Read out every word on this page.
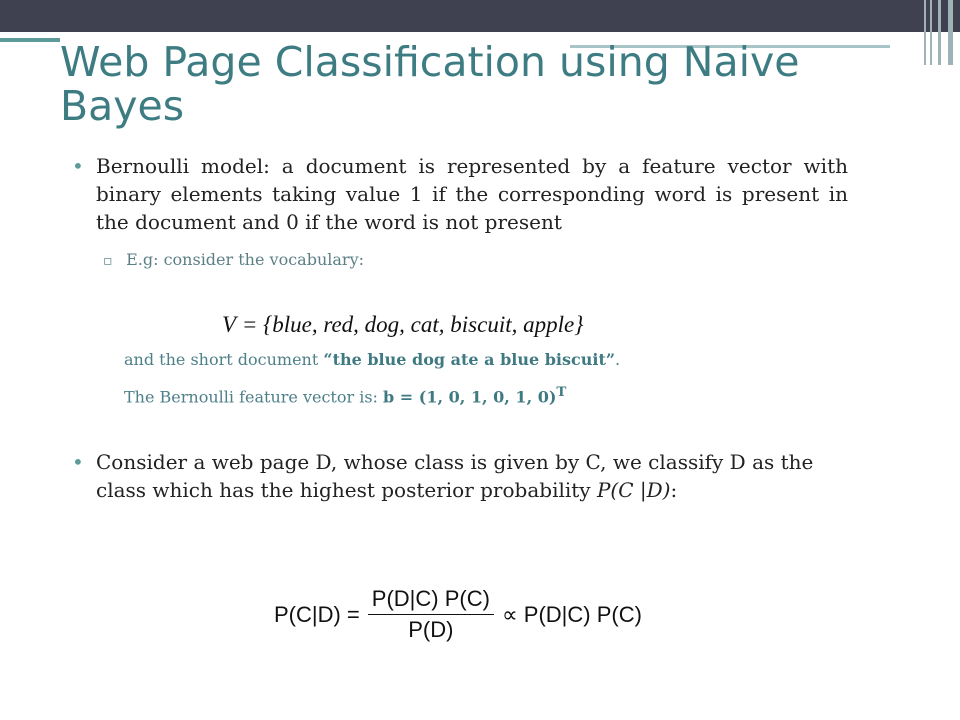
Web Page Classification using Naive Bayes
• Bernoulli model: a document is represented by a feature vector with binary elements taking value 1 if the corresponding word is present in the document and 0 if the word is not present
▫ E.g: consider the vocabulary:
V = {blue, red, dog, cat, biscuit, apple}
and the short document “the blue dog ate a blue biscuit”.
The Bernoulli feature vector is: b = (1, 0, 1, 0, 1, 0)$^T$
• Consider a web page D, whose class is given by C, we classify D as the class which has the highest posterior probability P(C |D):
$P(C|D) = \frac{P(D|C) P(C)}{P(D)} \propto P(D|C)$ P(C)
